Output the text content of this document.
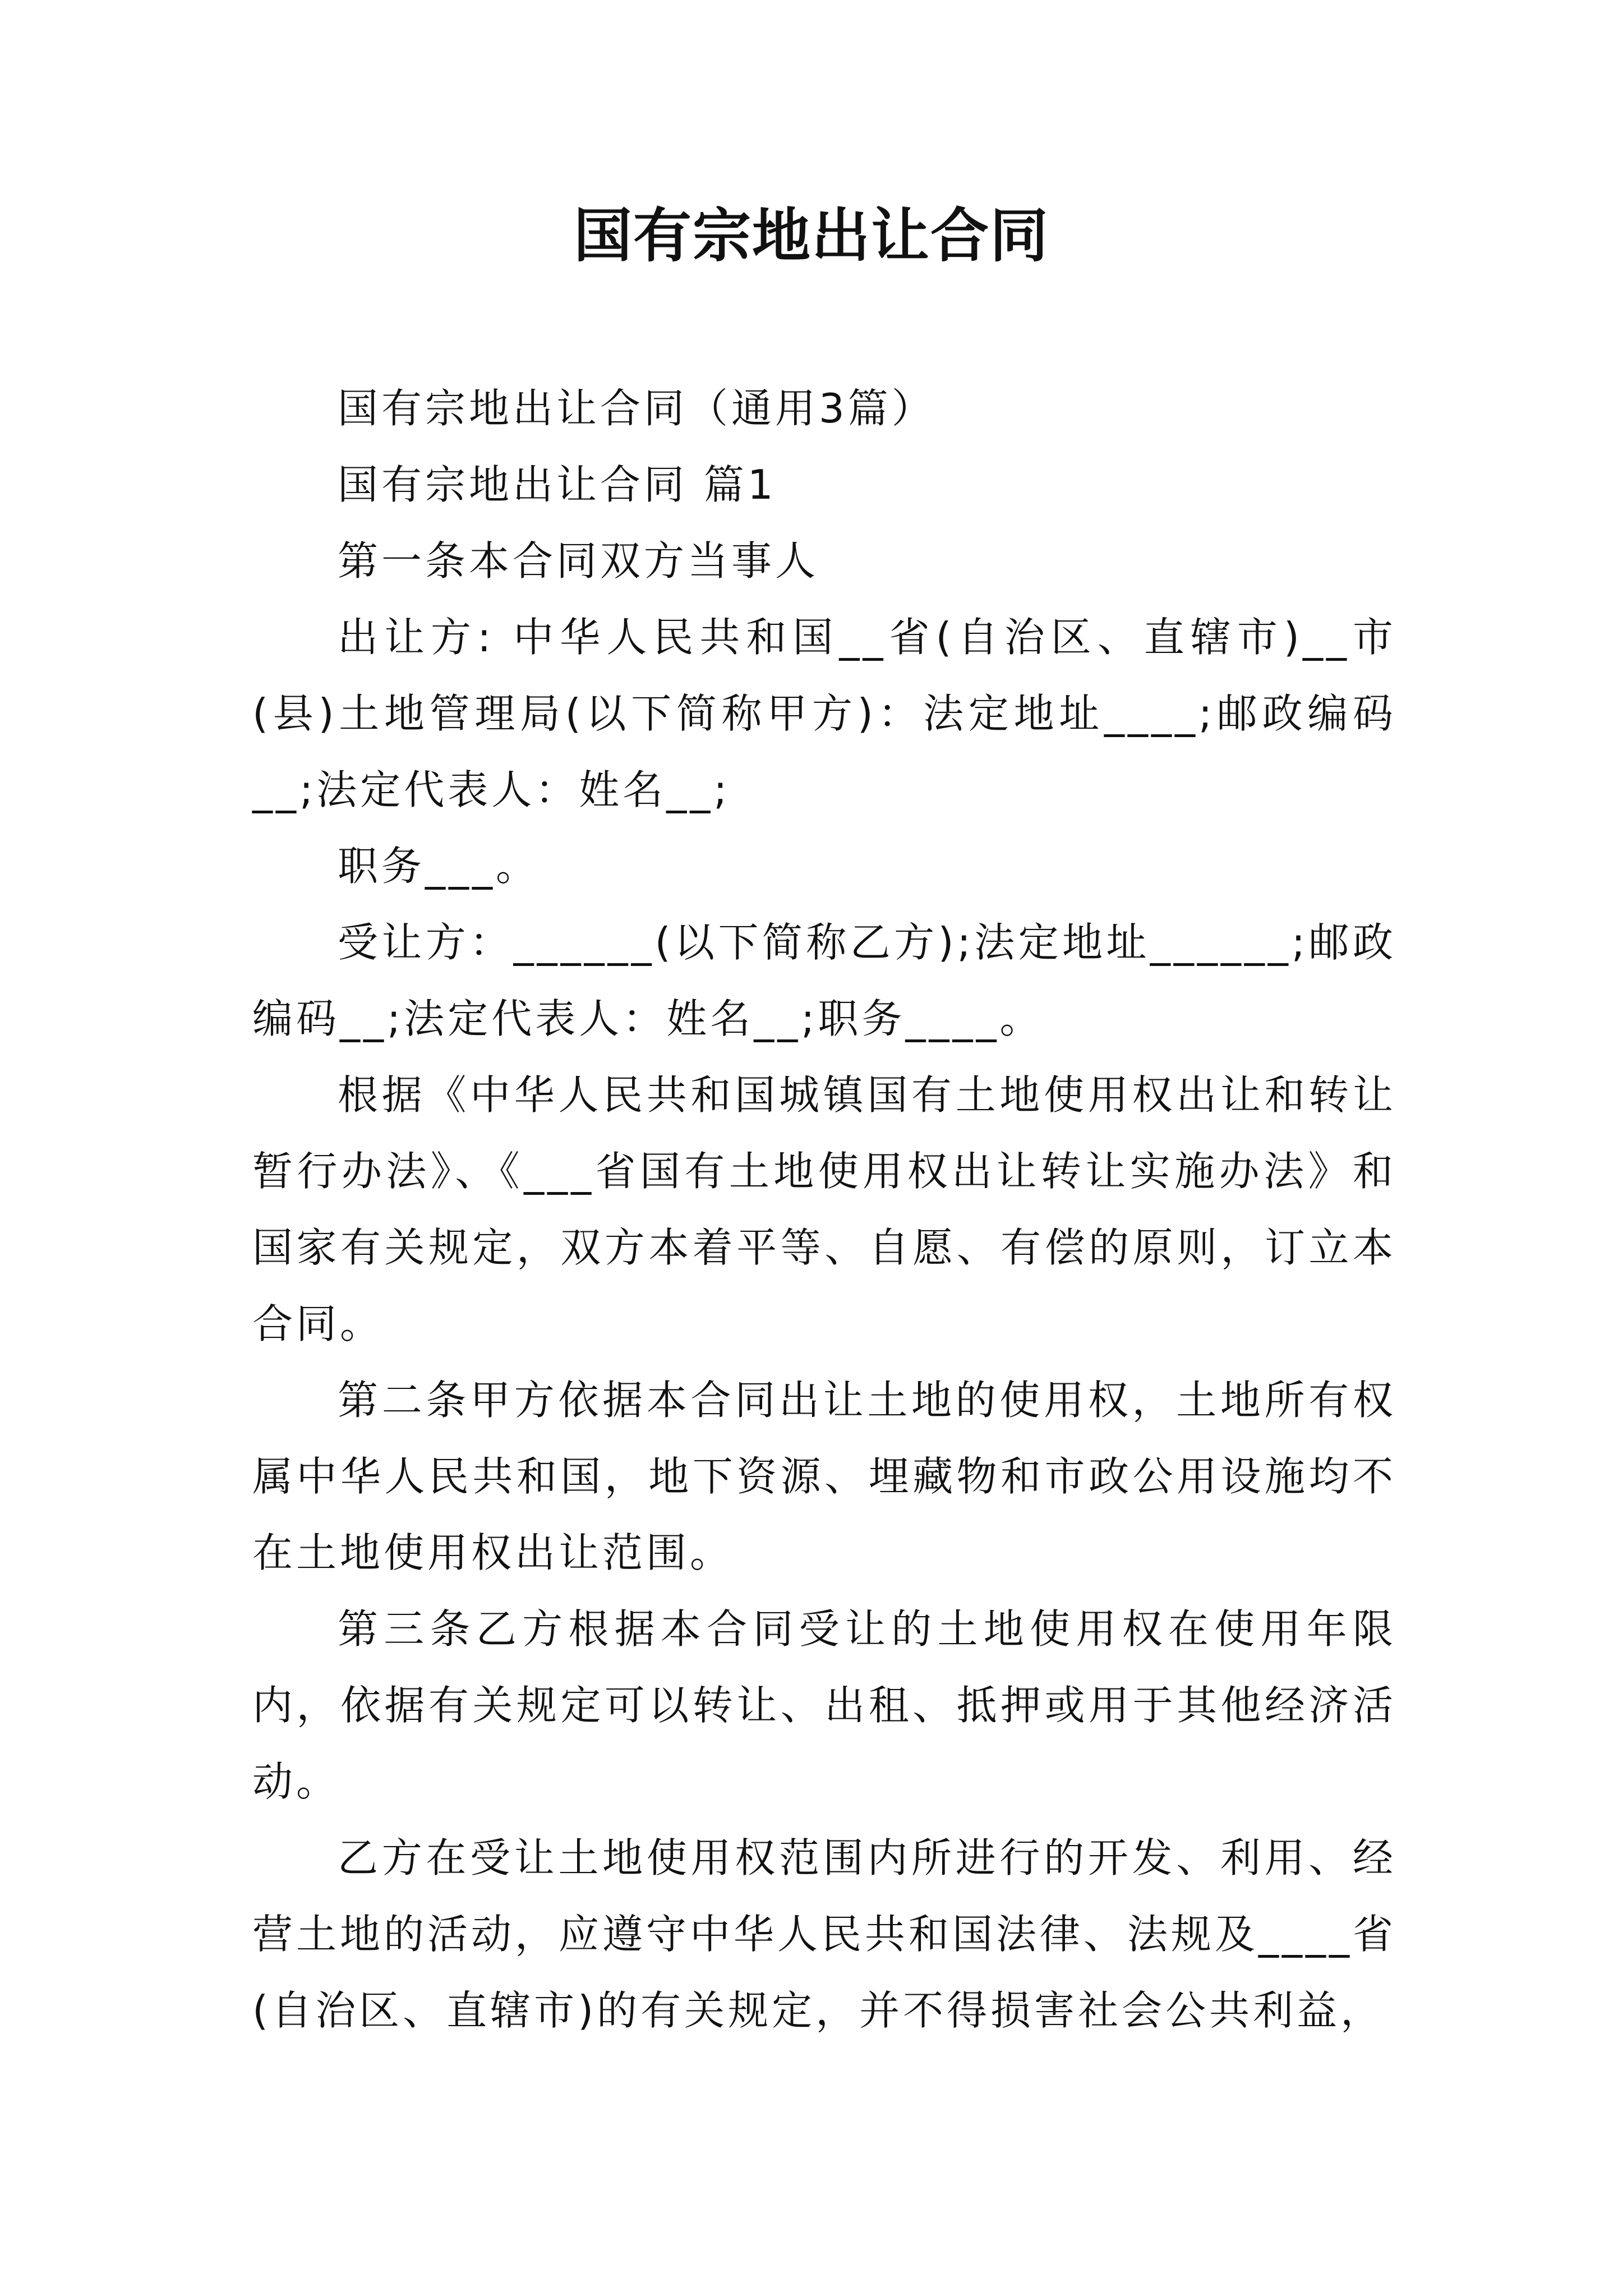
国有宗地出让合同

国有宗地出让合同（通用3篇）

国有宗地出让合同 篇1

第一条本合同双方当事人

出让方: 中华人民共和国__省(自治区、直辖市)__市(县)土地管理局(以下简称甲方)：法定地址____;邮政编码__;法定代表人：姓名__;

职务___。

受让方：______(以下简称乙方);法定地址______;邮政编码__;法定代表人：姓名__;职务____。

根据《中华人民共和国城镇国有土地使用权出让和转让暂行办法》、《___省国有土地使用权出让转让实施办法》和国家有关规定，双方本着平等、自愿、有偿的原则，订立本合同。

第二条甲方依据本合同出让土地的使用权，土地所有权属中华人民共和国，地下资源、埋藏物和市政公用设施均不在土地使用权出让范围。

第三条乙方根据本合同受让的土地使用权在使用年限内，依据有关规定可以转让、出租、抵押或用于其他经济活动。

乙方在受让土地使用权范围内所进行的开发、利用、经营土地的活动，应遵守中华人民共和国法律、法规及____省(自治区、直辖市)的有关规定，并不得损害社会公共利益，
